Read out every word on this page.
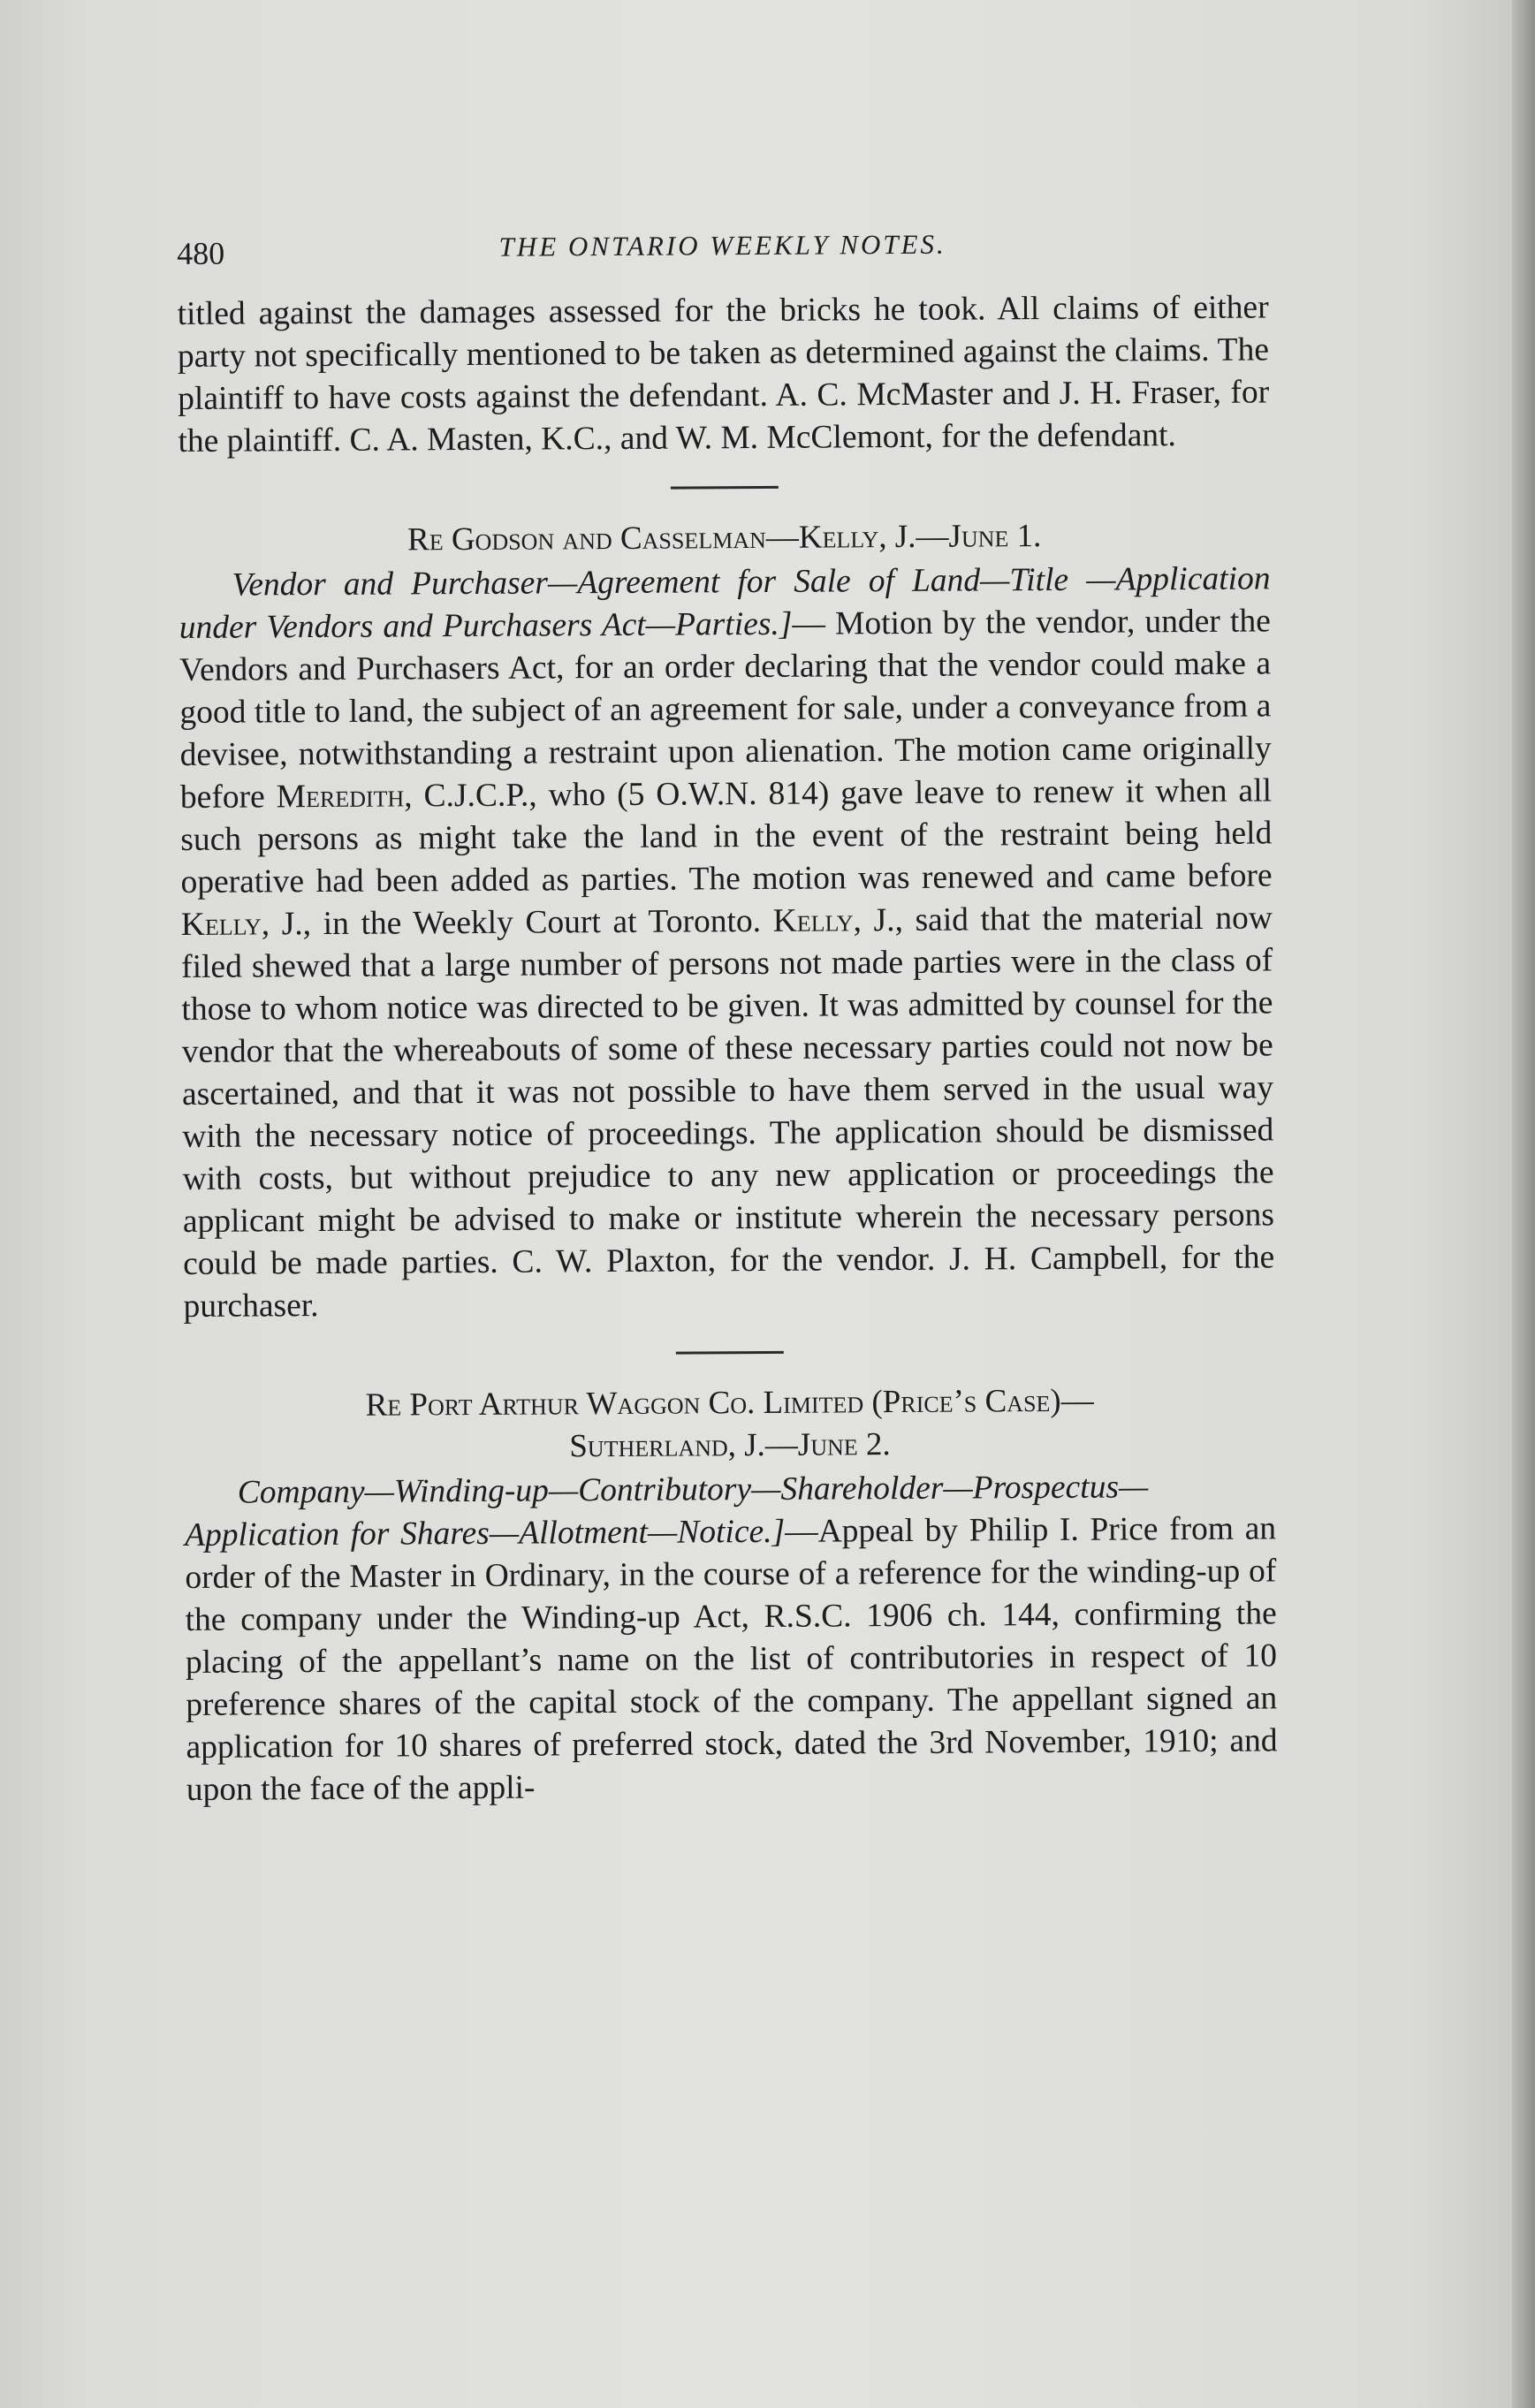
480	THE ONTARIO WEEKLY NOTES.

titled against the damages assessed for the bricks he took. All claims of either party not specifically mentioned to be taken as determined against the claims. The plaintiff to have costs against the defendant. A. C. McMaster and J. H. Fraser, for the plaintiff. C. A. Masten, K.C., and W. M. McClemont, for the defendant.

Re Godson and Casselman—Kelly, J.—June 1.

Vendor and Purchaser—Agreement for Sale of Land—Title —Application under Vendors and Purchasers Act—Parties.]— Motion by the vendor, under the Vendors and Purchasers Act, for an order declaring that the vendor could make a good title to land, the subject of an agreement for sale, under a conveyance from a devisee, notwithstanding a restraint upon alienation. The motion came originally before Meredith, C.J.C.P., who (5 O.W.N. 814) gave leave to renew it when all such persons as might take the land in the event of the restraint being held operative had been added as parties. The motion was renewed and came before Kelly, J., in the Weekly Court at Toronto. Kelly, J., said that the material now filed shewed that a large number of persons not made parties were in the class of those to whom notice was directed to be given. It was admitted by counsel for the vendor that the whereabouts of some of these necessary parties could not now be ascertained, and that it was not possible to have them served in the usual way with the necessary notice of proceedings. The application should be dismissed with costs, but without prejudice to any new application or proceedings the applicant might be advised to make or institute wherein the necessary persons could be made parties. C. W. Plaxton, for the vendor. J. H. Campbell, for the purchaser.

Re Port Arthur Waggon Co. Limited (Price’s Case)—
Sutherland, J.—June 2.

Company—Winding-up—Contributory—Shareholder—Prospectus—Application for Shares—Allotment—Notice.]—Appeal by Philip I. Price from an order of the Master in Ordinary, in the course of a reference for the winding-up of the company under the Winding-up Act, R.S.C. 1906 ch. 144, confirming the placing of the appellant’s name on the list of contributories in respect of 10 preference shares of the capital stock of the company. The appellant signed an application for 10 shares of preferred stock, dated the 3rd November, 1910; and upon the face of the appli-
